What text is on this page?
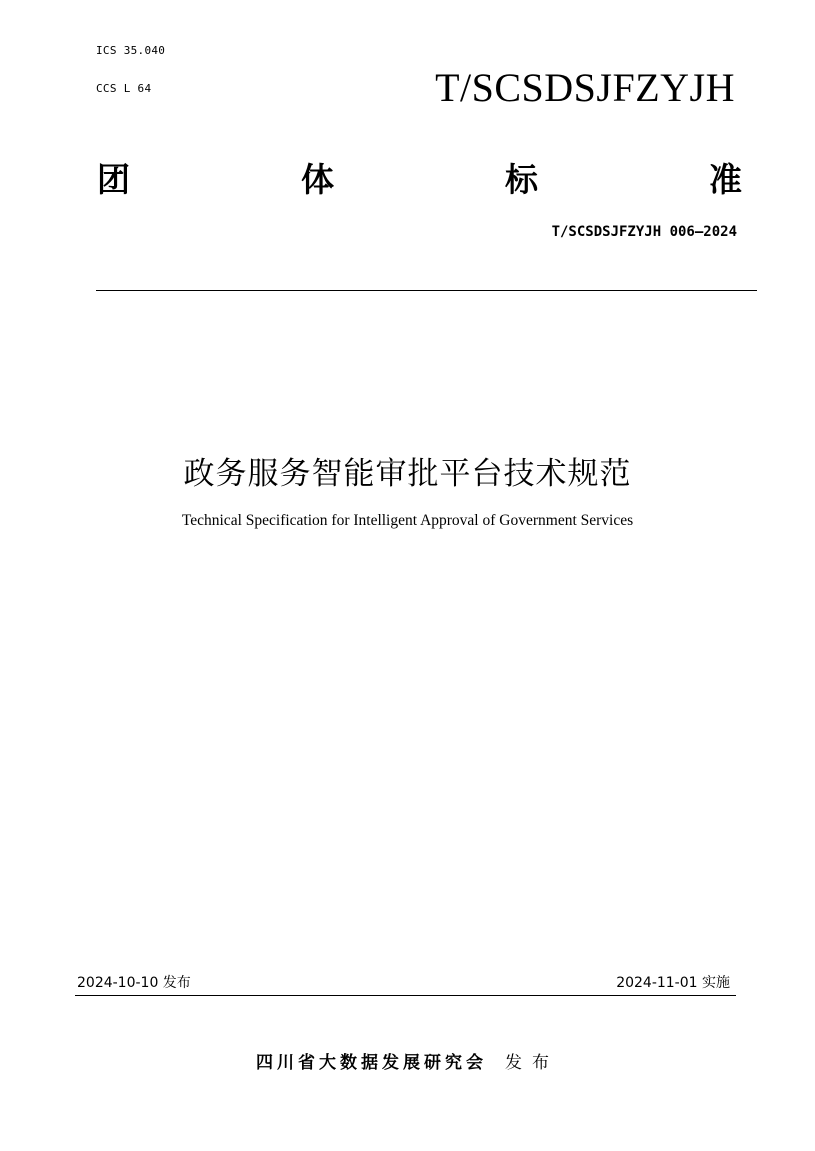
ICS 35.040
CCS L 64	T/SCSDSJFZYJH
团	体	标	准
T/SCSDSJFZYJH 006—2024
政务服务智能审批平台技术规范
Technical Specification for Intelligent Approval of Government Services
2024-10-10 发布	2024-11-01 实施
四川省大数据发展研究会 发布
